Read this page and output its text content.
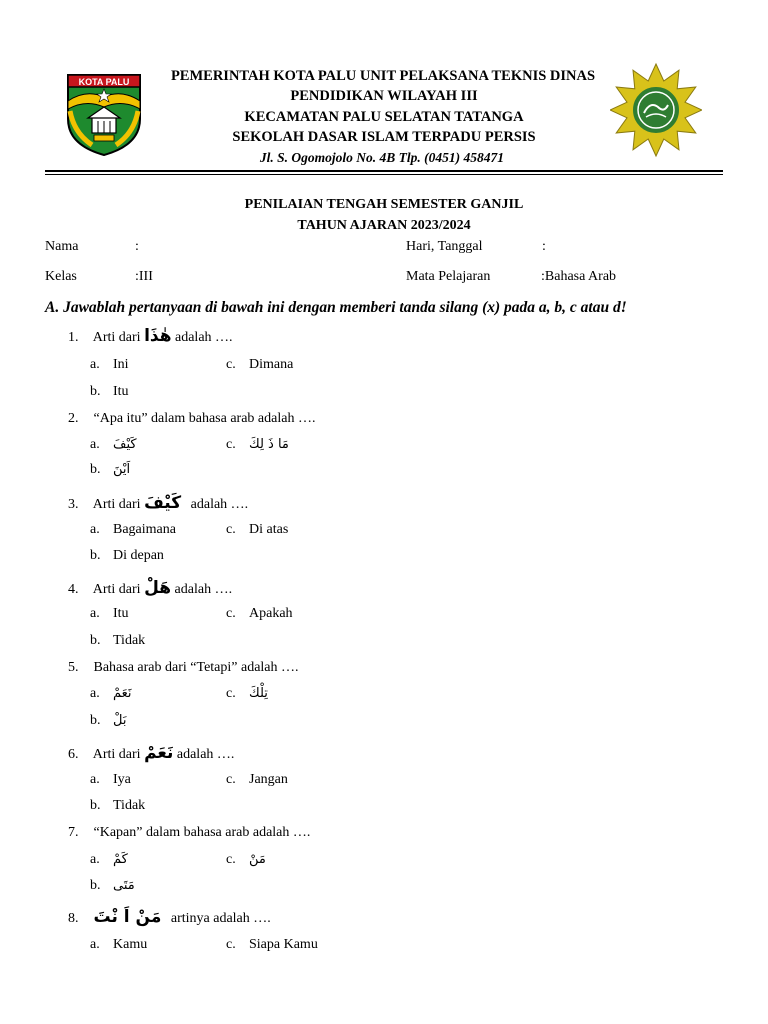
KOTA PALU	PEMERINTAH KOTA PALU UNIT PELAKSANA TEKNIS DINAS
PENDIDIKAN WILAYAH III
KECAMATAN PALU SELATAN TATANGA
SEKOLAH DASAR ISLAM TERPADU PERSIS
Jl. S. Ogomojolo No. 4B Tlp. (0451) 458471
PENILAIAN TENGAH SEMESTER GANJIL
TAHUN AJARAN 2023/2024
Nama	:	Hari, Tanggal	:
Kelas	:III	Mata Pelajaran	:Bahasa Arab
A. Jawablah pertanyaan di bawah ini dengan memberi tanda silang (x) pada a, b, c atau d!
1. Arti dari هٰذَا adalah ….
a. Ini	c. Dimana
b. Itu
2. “Apa itu” dalam bahasa arab adalah ….
a. كَيْفَ	c. مَا ذَ لِكَ
b. اَيْنَ
3. Arti dari كَيْفَ adalah ….
a. Bagaimana	c. Di atas
b. Di depan
4. Arti dari هَلْ adalah ….
a. Itu	c. Apakah
b. Tidak
5. Bahasa arab dari “Tetapi” adalah ….
a. نَعَمْ	c. تِلْكَ
b. بَلْ
6. Arti dari نَعَمْ adalah ….
a. Iya	c. Jangan
b. Tidak
7. “Kapan” dalam bahasa arab adalah ….
a. كَمْ	c. مَنْ
b. مَتَى
8. مَنْ اَ نْتَ artinya adalah ….
a. Kamu	c. Siapa Kamu
